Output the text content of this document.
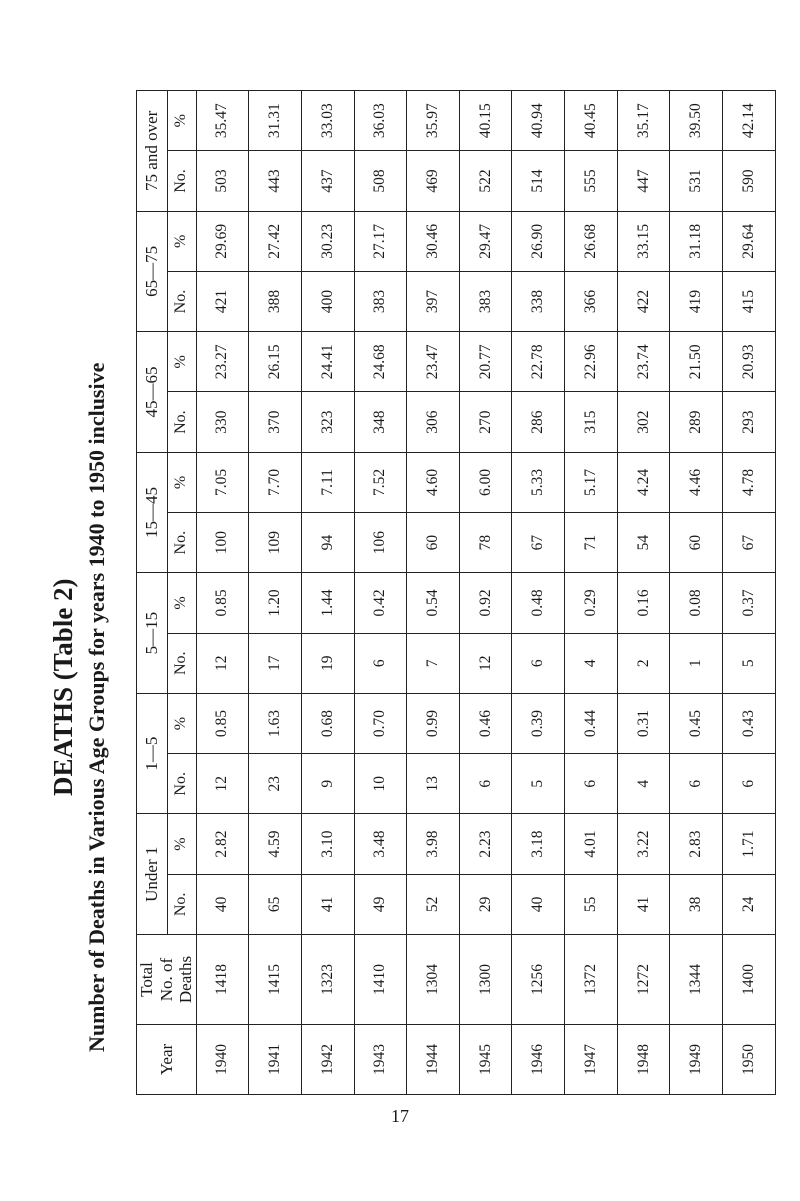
DEATHS (Table 2) Number of Deaths in Various Age Groups for years 1940 to 1950 inclusive
Year	Total
No. of
Deaths	Under 1		1—5		5—15		15—45		45—65		65—75		75 and over	
		No.	%	No.	%	No.	%	No.	%	No.	%	No.	%	No.	%
1940	1418	40	2.82	12	0.85	12	0.85	100	7.05	330	23.27	421	29.69	503	35.47
1941	1415	65	4.59	23	1.63	17	1.20	109	7.70	370	26.15	388	27.42	443	31.31
1942	1323	41	3.10	9	0.68	19	1.44	94	7.11	323	24.41	400	30.23	437	33.03
1943	1410	49	3.48	10	0.70	6	0.42	106	7.52	348	24.68	383	27.17	508	36.03
1944	1304	52	3.98	13	0.99	7	0.54	60	4.60	306	23.47	397	30.46	469	35.97
1945	1300	29	2.23	6	0.46	12	0.92	78	6.00	270	20.77	383	29.47	522	40.15
1946	1256	40	3.18	5	0.39	6	0.48	67	5.33	286	22.78	338	26.90	514	40.94
1947	1372	55	4.01	6	0.44	4	0.29	71	5.17	315	22.96	366	26.68	555	40.45
1948	1272	41	3.22	4	0.31	2	0.16	54	4.24	302	23.74	422	33.15	447	35.17
1949	1344	38	2.83	6	0.45	1	0.08	60	4.46	289	21.50	419	31.18	531	39.50
1950	1400	24	1.71	6	0.43	5	0.37	67	4.78	293	20.93	415	29.64	590	42.14
17
